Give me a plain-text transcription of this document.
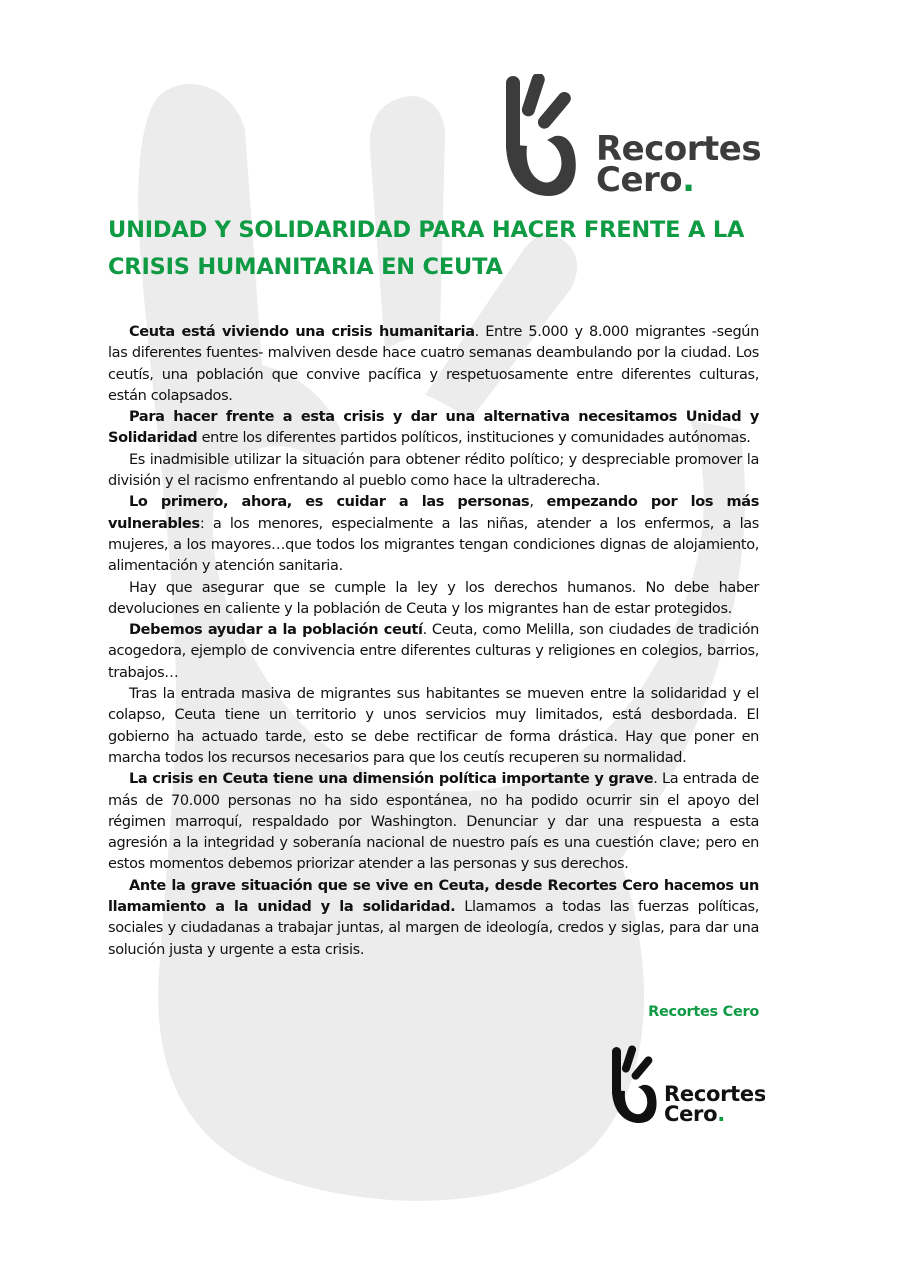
Recortes
Cero.
UNIDAD Y SOLIDARIDAD PARA HACER FRENTE A LA CRISIS HUMANITARIA EN CEUTA

Ceuta está viviendo una crisis humanitaria. Entre 5.000 y 8.000 migrantes -según las diferentes fuentes- malviven desde hace cuatro semanas deambulando por la ciudad. Los ceutís, una población que convive pacífica y respetuosamente entre diferentes culturas, están colapsados.

Para hacer frente a esta crisis y dar una alternativa necesitamos Unidad y Solidaridad entre los diferentes partidos políticos, instituciones y comunidades autónomas.

Es inadmisible utilizar la situación para obtener rédito político; y despreciable promover la división y el racismo enfrentando al pueblo como hace la ultraderecha.

Lo primero, ahora, es cuidar a las personas, empezando por los más vulnerables: a los menores, especialmente a las niñas, atender a los enfermos, a las mujeres, a los mayores…que todos los migrantes tengan condiciones dignas de alojamiento, alimentación y atención sanitaria.

Hay que asegurar que se cumple la ley y los derechos humanos. No debe haber devoluciones en caliente y la población de Ceuta y los migrantes han de estar protegidos.

Debemos ayudar a la población ceutí. Ceuta, como Melilla, son ciudades de tradición acogedora, ejemplo de convivencia entre diferentes culturas y religiones en colegios, barrios, trabajos…

Tras la entrada masiva de migrantes sus habitantes se mueven entre la solidaridad y el colapso, Ceuta tiene un territorio y unos servicios muy limitados, está desbordada. El gobierno ha actuado tarde, esto se debe rectificar de forma drástica. Hay que poner en marcha todos los recursos necesarios para que los ceutís recuperen su normalidad.

La crisis en Ceuta tiene una dimensión política importante y grave. La entrada de más de 70.000 personas no ha sido espontánea, no ha podido ocurrir sin el apoyo del régimen marroquí, respaldado por Washington. Denunciar y dar una respuesta a esta agresión a la integridad y soberanía nacional de nuestro país es una cuestión clave; pero en estos momentos debemos priorizar atender a las personas y sus derechos.

Ante la grave situación que se vive en Ceuta, desde Recortes Cero hacemos un llamamiento a la unidad y la solidaridad. Llamamos a todas las fuerzas políticas, sociales y ciudadanas a trabajar juntas, al margen de ideología, credos y siglas, para dar una solución justa y urgente a esta crisis.

Recortes Cero
Recortes
Cero.
